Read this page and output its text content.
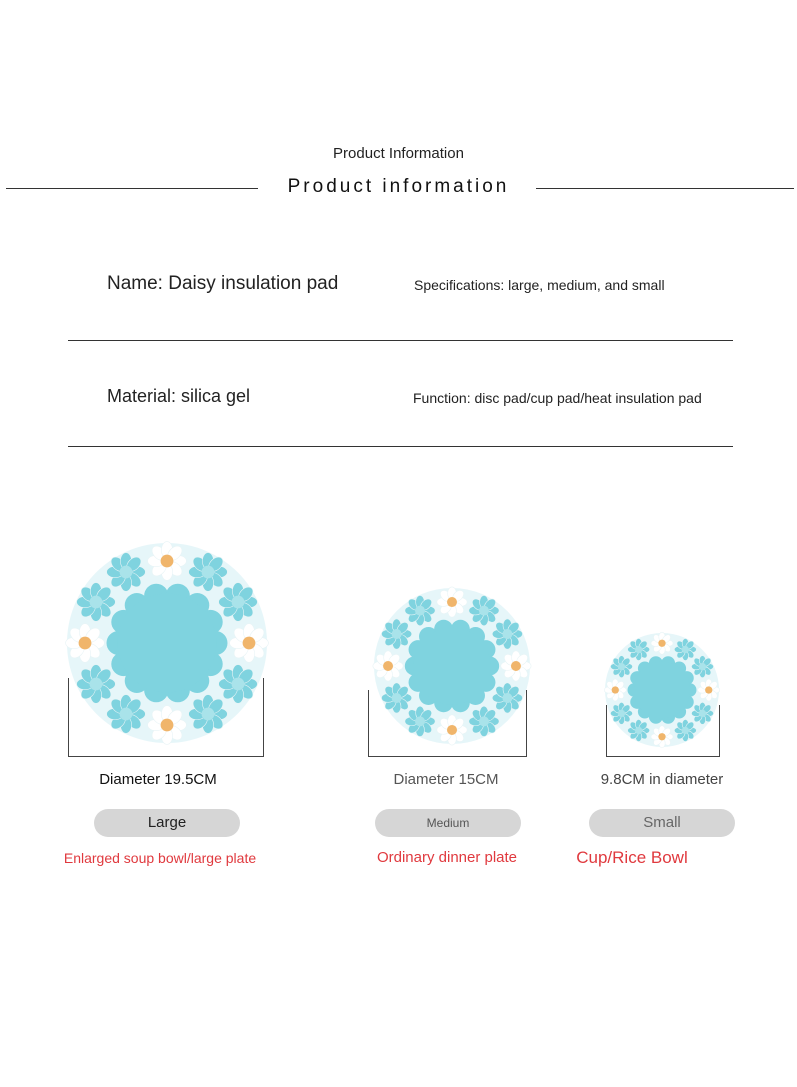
Product Information
Product information
Name: Daisy insulation pad	Specifications: large, medium, and small
Material: silica gel	Function: disc pad/cup pad/heat insulation pad
Diameter 19.5CM	Diameter 15CM	9.8CM in diameter
Large	Medium	Small
Enlarged soup bowl/large plate	Ordinary dinner plate	Cup/Rice Bowl
